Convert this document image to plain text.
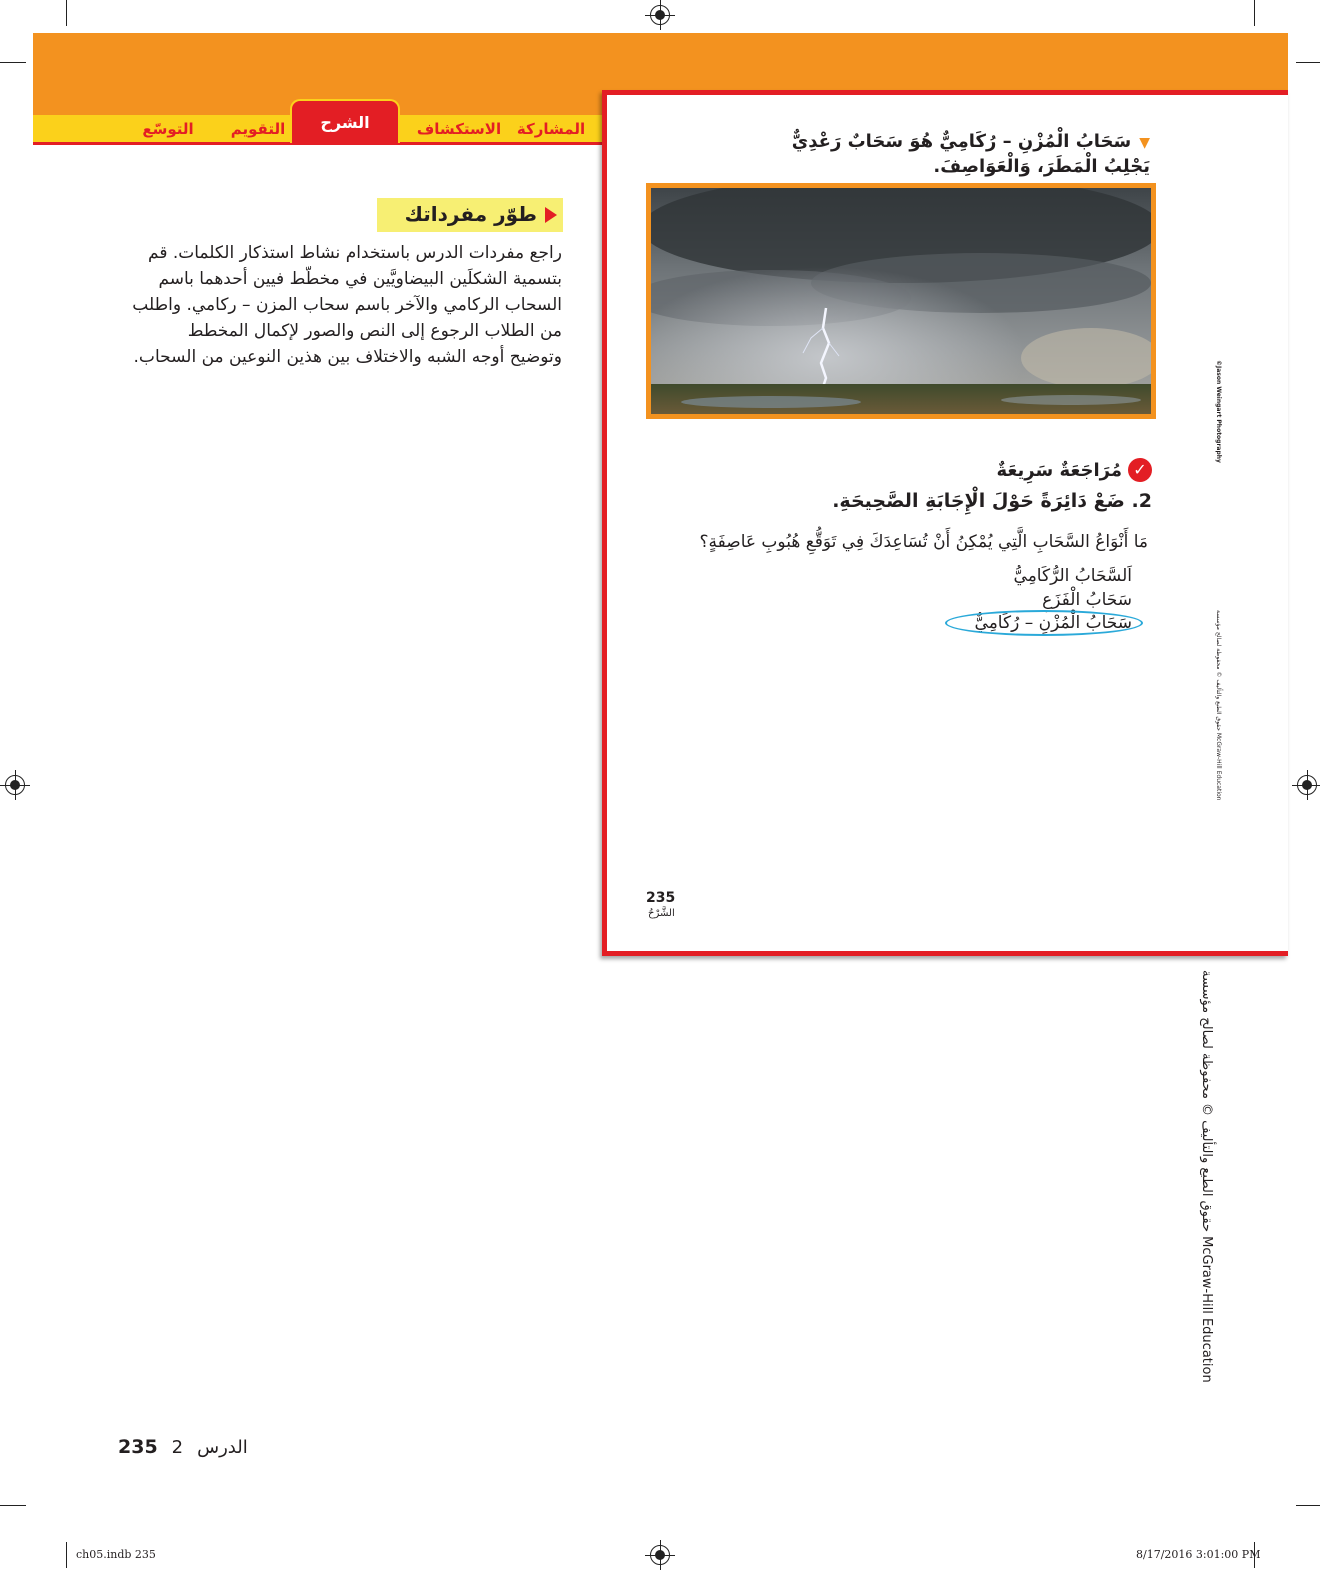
المشاركة
الاستكشاف
التقويم
التوسّع	الشرح
▼سَحَابُ الْمُزْنِ – رُكَامِيٌّ هُوَ سَحَابٌ رَعْدِيٌّ
يَجْلِبُ الْمَطَرَ، وَالْعَوَاصِفَ.
✓
مُرَاجَعَةٌ سَرِيعَةٌ
2. ضَعْ دَائِرَةً حَوْلَ الْإِجَابَةِ الصَّحِيحَةِ.
مَا أَنْوَاعُ السَّحَابِ الَّتِي يُمْكِنُ أَنْ تُسَاعِدَكَ فِي تَوَقُّعِ هُبُوبِ عَاصِفَةٍ؟
اَلسَّحَابُ الرُّكَامِيُّ
سَحَابُ الْفَزَعِ
سَحَابُ الْمُزْنِ – رُكَامِيٌّ
235
الشَّرْحُ
©Jason Weingart Photography
حقوق الطبع والتأليف © محفوظة لصالح مؤسسة McGraw-Hill Education
حقوق الطبع والتأليف © محفوظة لصالح مؤسسة McGraw-Hill Education
طوّر مفرداتك

راجع مفردات الدرس باستخدام نشاط استذكار الكلمات. قم

بتسمية الشكلَين البيضاويَّين في مخطّط فيين أحدهما باسم

السحاب الركامي والآخر باسم سحاب المزن – ركامي. واطلب

من الطلاب الرجوع إلى النص والصور لإكمال المخطط

وتوضيح أوجه الشبه والاختلاف بين هذين النوعين من السحاب.

235 2 الدرس
ch05.indb 235	8/17/2016 3:01:00 PM
